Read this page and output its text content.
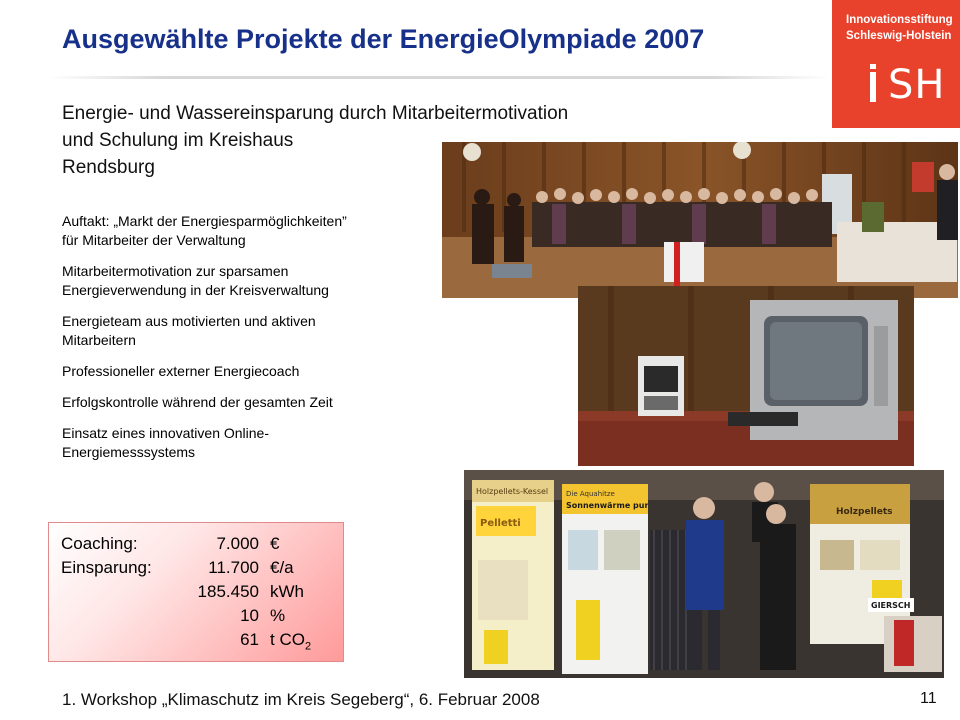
Ausgewählte Projekte der EnergieOlympiade 2007
Innovationsstiftung
Schleswig-Holstein
SH
Energie- und Wassereinsparung durch Mitarbeitermotivation
und Schulung im Kreishaus
Rendsburg
Auftakt: „Markt der Energiesparmöglichkeiten”
für Mitarbeiter der Verwaltung
Mitarbeitermotivation zur sparsamen
Energieverwendung in der Kreisverwaltung
Energieteam aus motivierten und aktiven
Mitarbeitern
Professioneller externer Energiecoach
Erfolgskontrolle während der gesamten Zeit
Einsatz eines innovativen Online-
Energiemesssystems
Coaching:	7.000 €
Einsparung:	11.700 €/a
185.450 kWh
10 %
61 t $CO_2$
Holzpellets-Kessel
Pelletti
Die Aquahitze
Sonnenwärme pur
Holzpellets
GIERSCH
1. Workshop „Klimaschutz im Kreis Segeberg“, 6. Februar 2008	11
